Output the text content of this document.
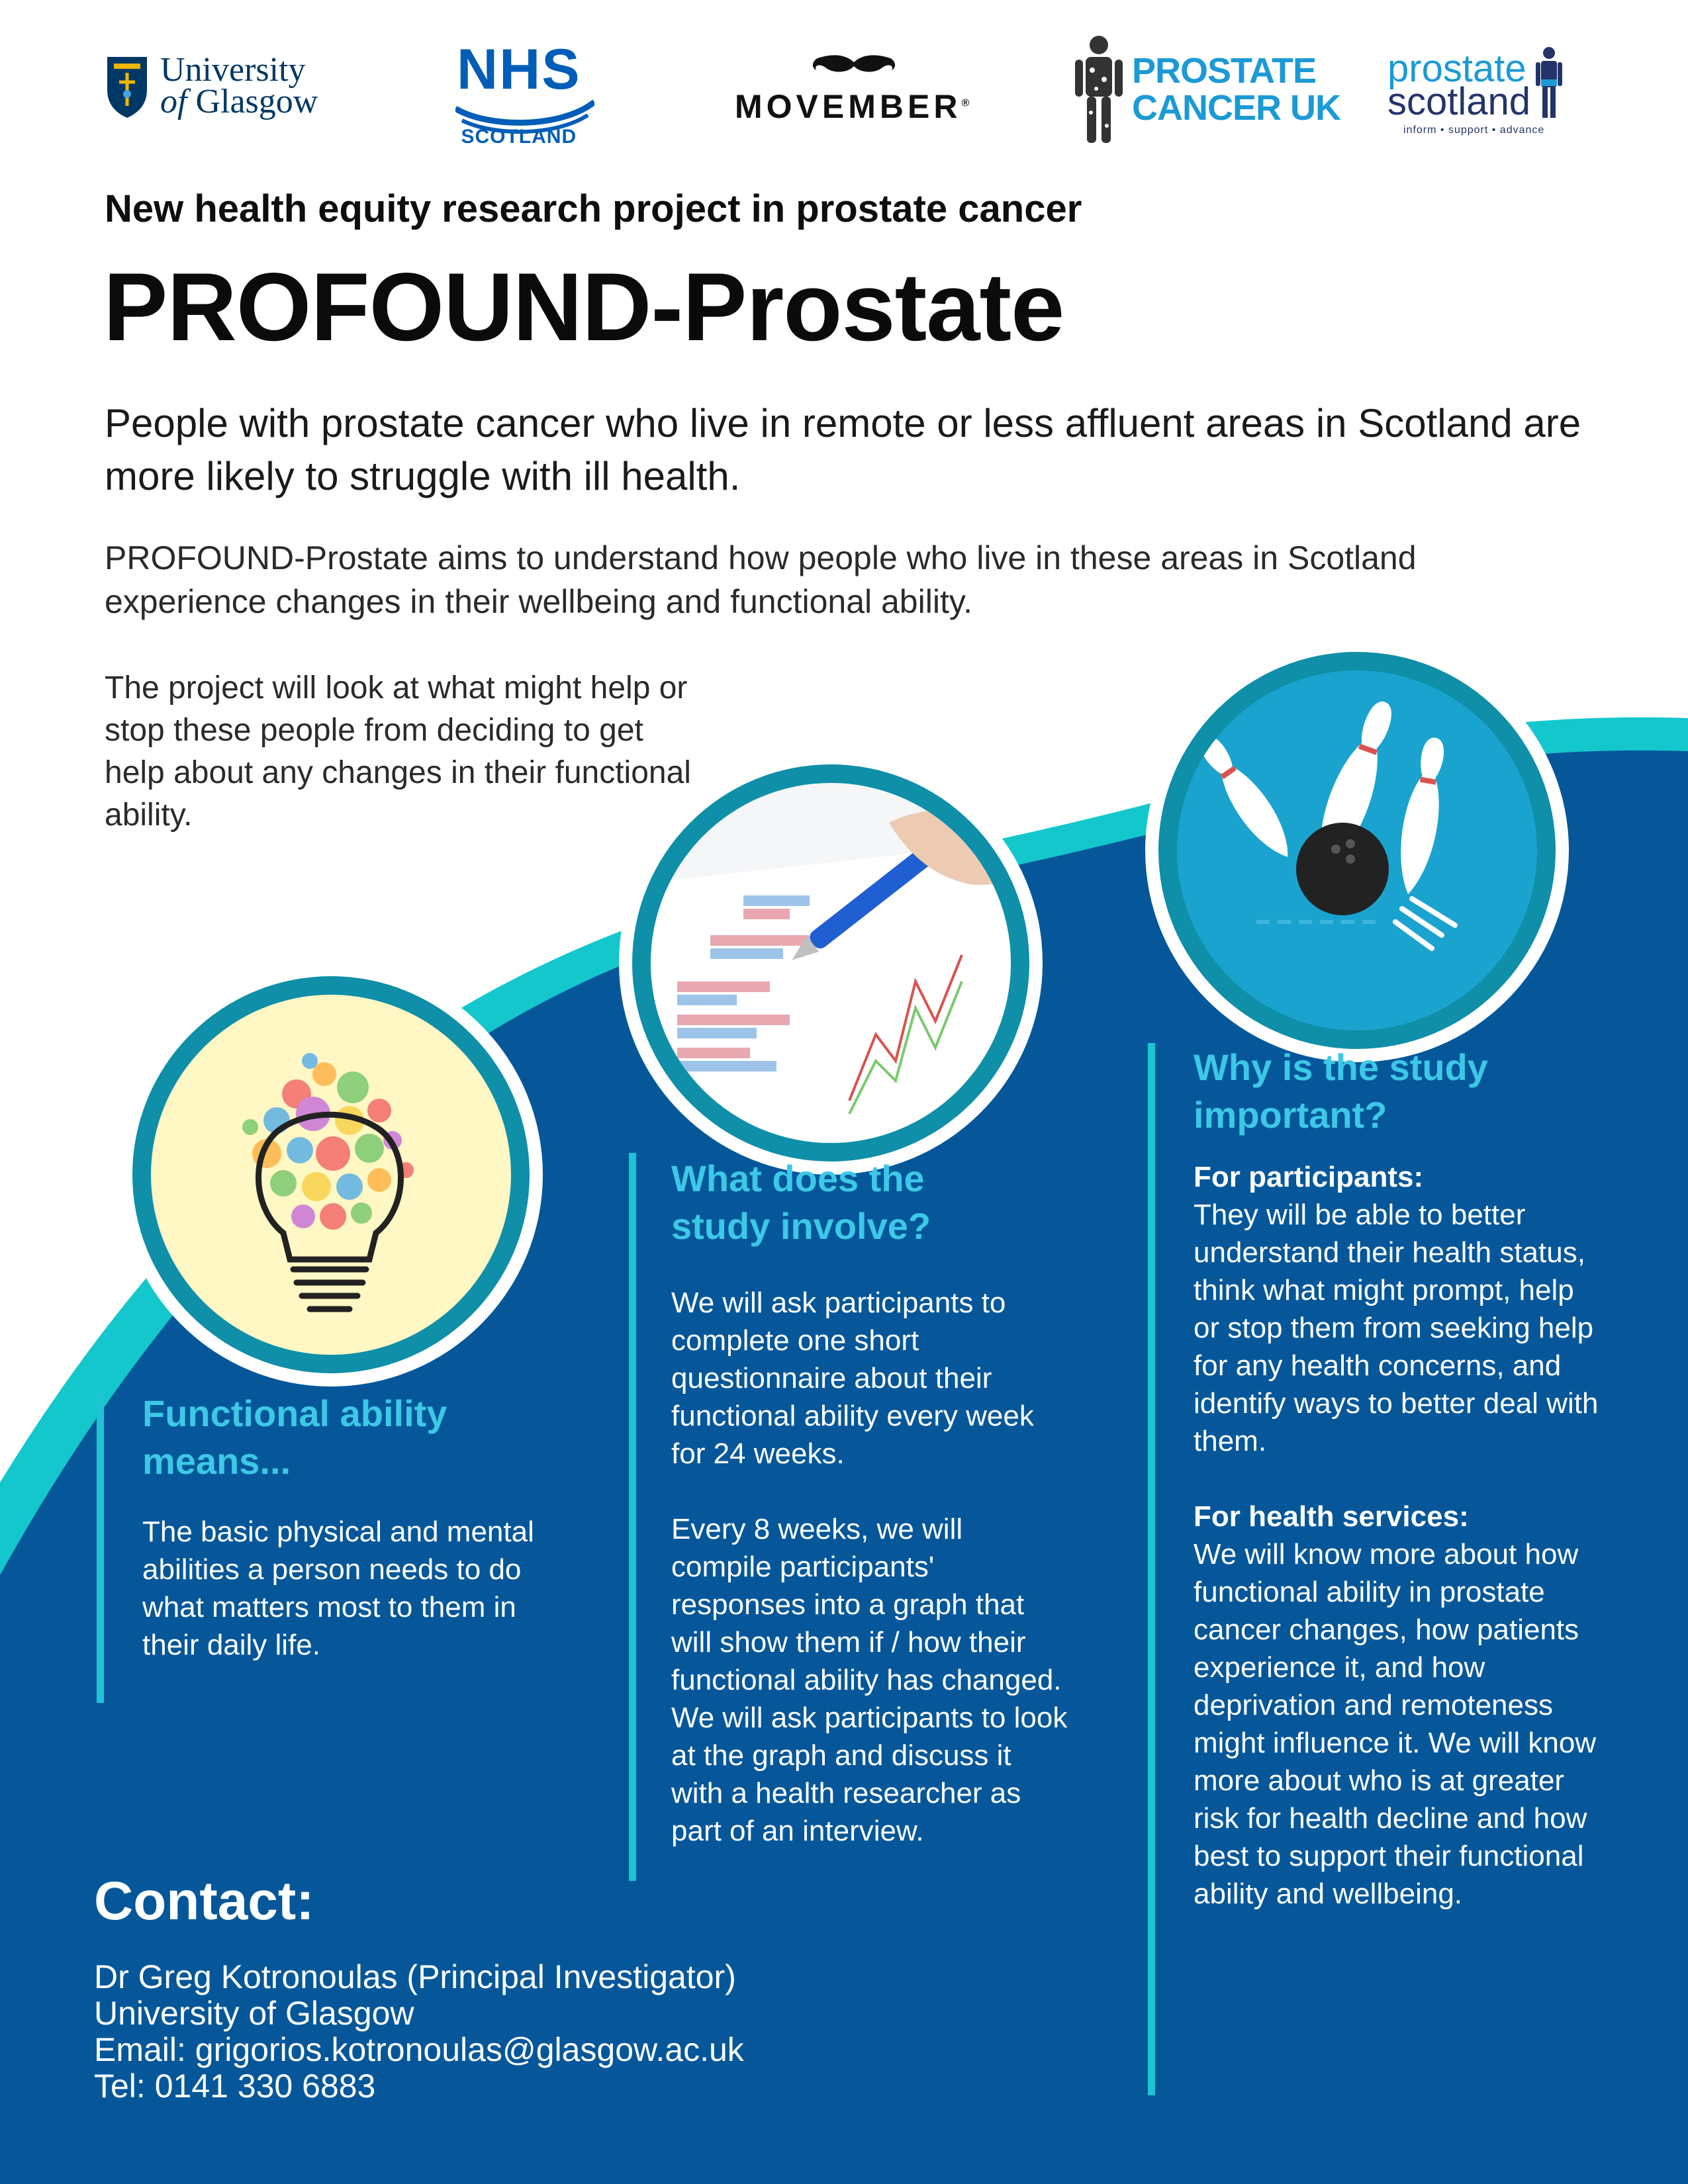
University
of Glasgow
NHS
SCOTLAND
MOVEMBER®
PROSTATE
CANCER UK
prostate
scotland
inform • support • advance
New health equity research project in prostate cancer
PROFOUND-Prostate
People with prostate cancer who live in remote or less affluent areas in Scotland are more likely to struggle with ill health.
PROFOUND-Prostate aims to understand how people who live in these areas in Scotland experience changes in their wellbeing and functional ability.
The project will look at what might help or stop these people from deciding to get help about any changes in their functional ability.
Functional ability means...
The basic physical and mental abilities a person needs to do what matters most to them in their daily life.
What does the study involve?
We will ask participants to complete one short questionnaire about their functional ability every week for 24 weeks.
Every 8 weeks, we will compile participants' responses into a graph that will show them if / how their functional ability has changed. We will ask participants to look at the graph and discuss it with a health researcher as part of an interview.
Why is the study important?
For participants:
They will be able to better understand their health status, think what might prompt, help or stop them from seeking help for any health concerns, and identify ways to better deal with them.
For health services:
We will know more about how functional ability in prostate cancer changes, how patients experience it, and how deprivation and remoteness might influence it. We will know more about who is at greater risk for health decline and how best to support their functional ability and wellbeing.
Contact:
Dr Greg Kotronoulas (Principal Investigator)
University of Glasgow
Email: grigorios.kotronoulas@glasgow.ac.uk
Tel: 0141 330 6883
